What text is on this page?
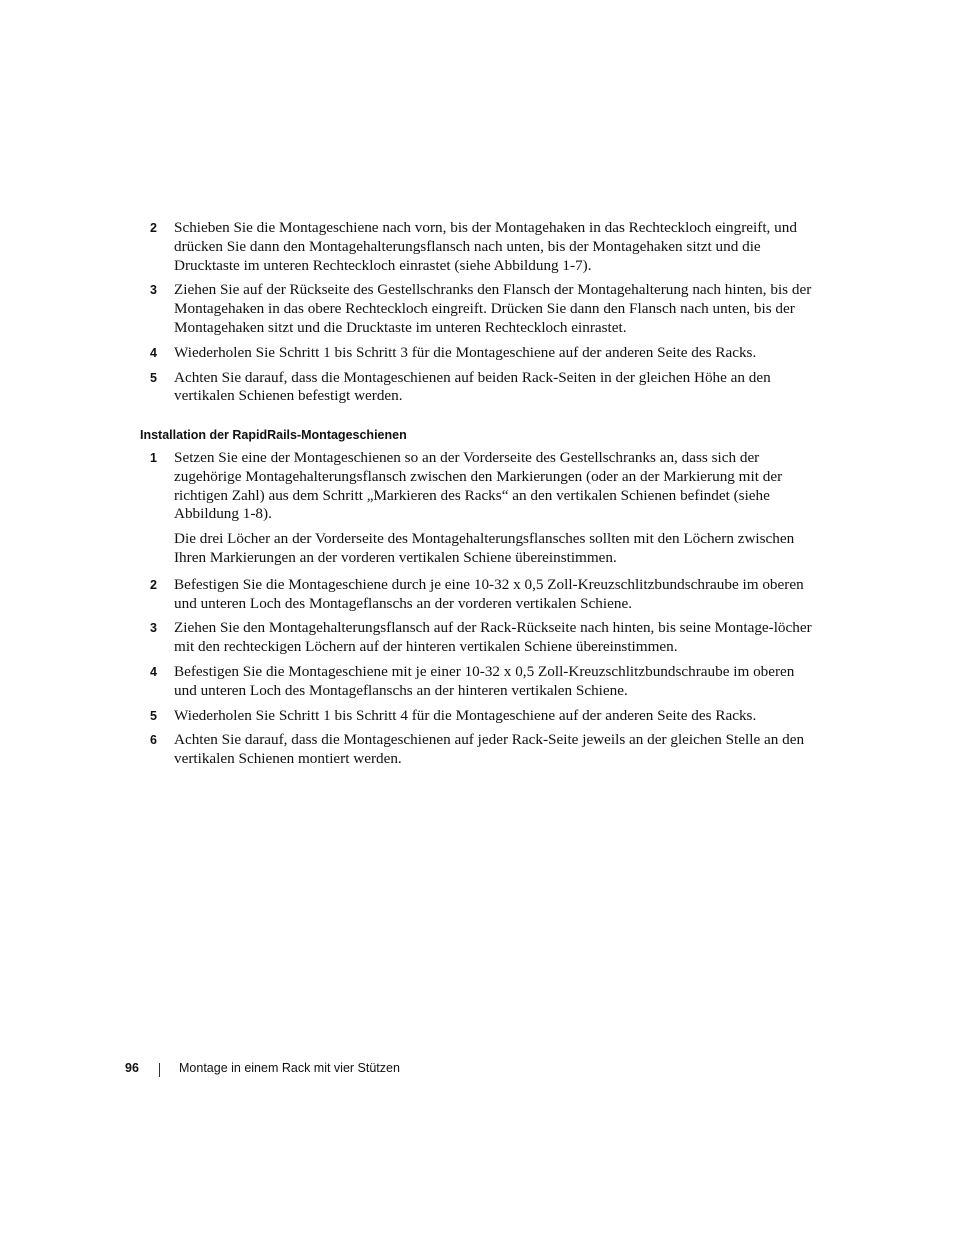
2 Schieben Sie die Montageschiene nach vorn, bis der Montagehaken in das Rechteckloch eingreift, und drücken Sie dann den Montagehalterungsflansch nach unten, bis der Montagehaken sitzt und die Drucktaste im unteren Rechteckloch einrastet (siehe Abbildung 1-7).
3 Ziehen Sie auf der Rückseite des Gestellschranks den Flansch der Montagehalterung nach hinten, bis der Montagehaken in das obere Rechteckloch eingreift. Drücken Sie dann den Flansch nach unten, bis der Montagehaken sitzt und die Drucktaste im unteren Rechteckloch einrastet.
4 Wiederholen Sie Schritt 1 bis Schritt 3 für die Montageschiene auf der anderen Seite des Racks.
5 Achten Sie darauf, dass die Montageschienen auf beiden Rack-Seiten in der gleichen Höhe an den vertikalen Schienen befestigt werden.
Installation der RapidRails-Montageschienen
1 Setzen Sie eine der Montageschienen so an der Vorderseite des Gestellschranks an, dass sich der zugehörige Montagehalterungsflansch zwischen den Markierungen (oder an der Markierung mit der richtigen Zahl) aus dem Schritt „Markieren des Racks“ an den vertikalen Schienen befindet (siehe Abbildung 1-8).
Die drei Löcher an der Vorderseite des Montagehalterungsflansches sollten mit den Löchern zwischen Ihren Markierungen an der vorderen vertikalen Schiene übereinstimmen.
2 Befestigen Sie die Montageschiene durch je eine 10-32 x 0,5 Zoll-Kreuzschlitzbundschraube im oberen und unteren Loch des Montageflanschs an der vorderen vertikalen Schiene.
3 Ziehen Sie den Montagehalterungsflansch auf der Rack-Rückseite nach hinten, bis seine Montage-löcher mit den rechteckigen Löchern auf der hinteren vertikalen Schiene übereinstimmen.
4 Befestigen Sie die Montageschiene mit je einer 10-32 x 0,5 Zoll-Kreuzschlitzbundschraube im oberen und unteren Loch des Montageflanschs an der hinteren vertikalen Schiene.
5 Wiederholen Sie Schritt 1 bis Schritt 4 für die Montageschiene auf der anderen Seite des Racks.
6 Achten Sie darauf, dass die Montageschienen auf jeder Rack-Seite jeweils an der gleichen Stelle an den vertikalen Schienen montiert werden.
96	Montage in einem Rack mit vier Stützen
